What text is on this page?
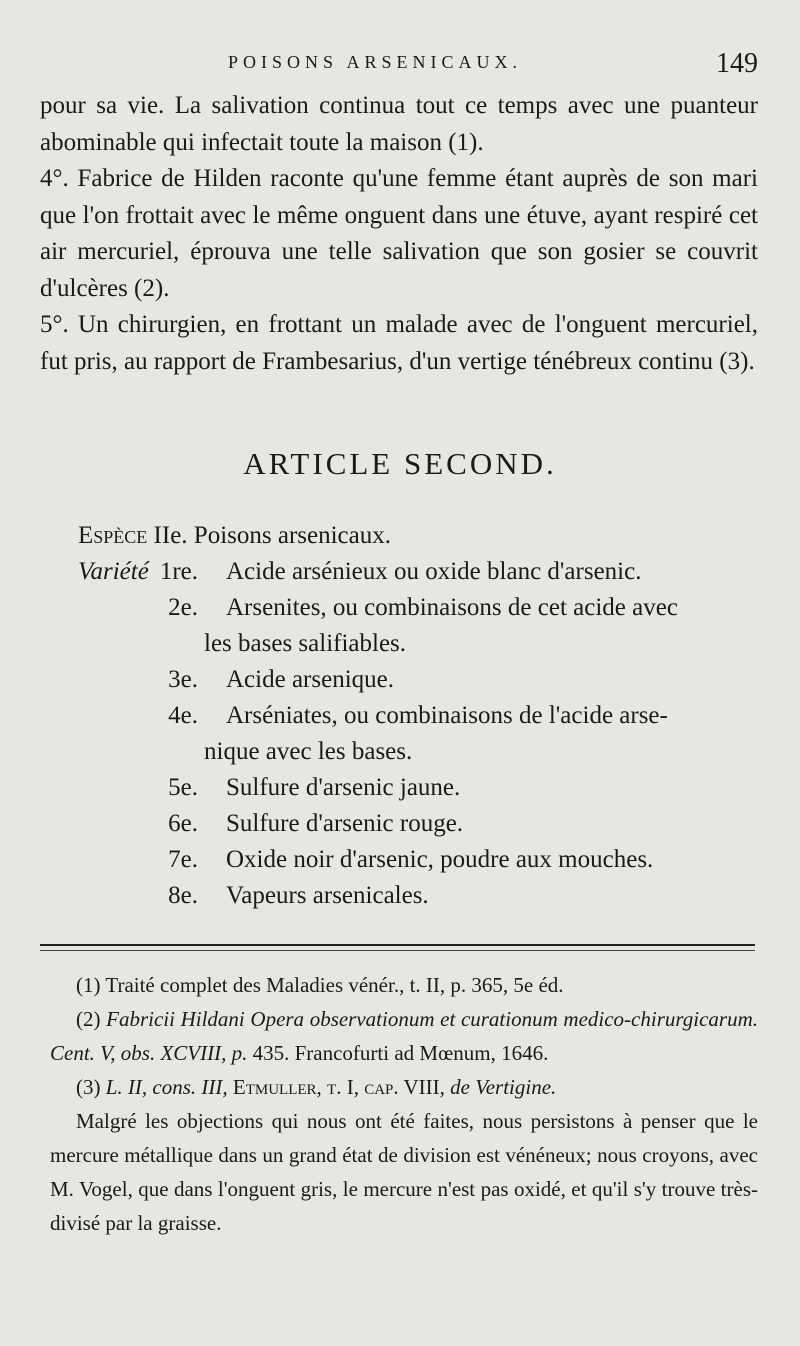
POISONS ARSENICAUX.	149

pour sa vie. La salivation continua tout ce temps avec une puanteur abominable qui infectait toute la maison (1).

4°. Fabrice de Hilden raconte qu'une femme étant auprès de son mari que l'on frottait avec le même onguent dans une étuve, ayant respiré cet air mercuriel, éprouva une telle salivation que son gosier se couvrit d'ulcères (2).

5°. Un chirurgien, en frottant un malade avec de l'onguent mercuriel, fut pris, au rapport de Frambesarius, d'un vertige ténébreux continu (3).

ARTICLE SECOND.
Espèce IIe. Poisons arsenicaux.
Variété 1re. Acide arsénieux ou oxide blanc d'arsenic.
2e. Arsenites, ou combinaisons de cet acide avec
les bases salifiables.
3e. Acide arsenique.
4e. Arséniates, ou combinaisons de l'acide arse-
nique avec les bases.
5e. Sulfure d'arsenic jaune.
6e. Sulfure d'arsenic rouge.
7e. Oxide noir d'arsenic, poudre aux mouches.
8e. Vapeurs arsenicales.

(1) Traité complet des Maladies vénér., t. II, p. 365, 5e éd.

(2) Fabricii Hildani Opera observationum et curationum medico-chirurgicarum. Cent. V, obs. XCVIII, p. 435. Francofurti ad Mœnum, 1646.

(3) L. II, cons. III, Etmuller, t. I, cap. VIII, de Vertigine.

Malgré les objections qui nous ont été faites, nous persistons à penser que le mercure métallique dans un grand état de division est vénéneux; nous croyons, avec M. Vogel, que dans l'onguent gris, le mercure n'est pas oxidé, et qu'il s'y trouve très-divisé par la graisse.
